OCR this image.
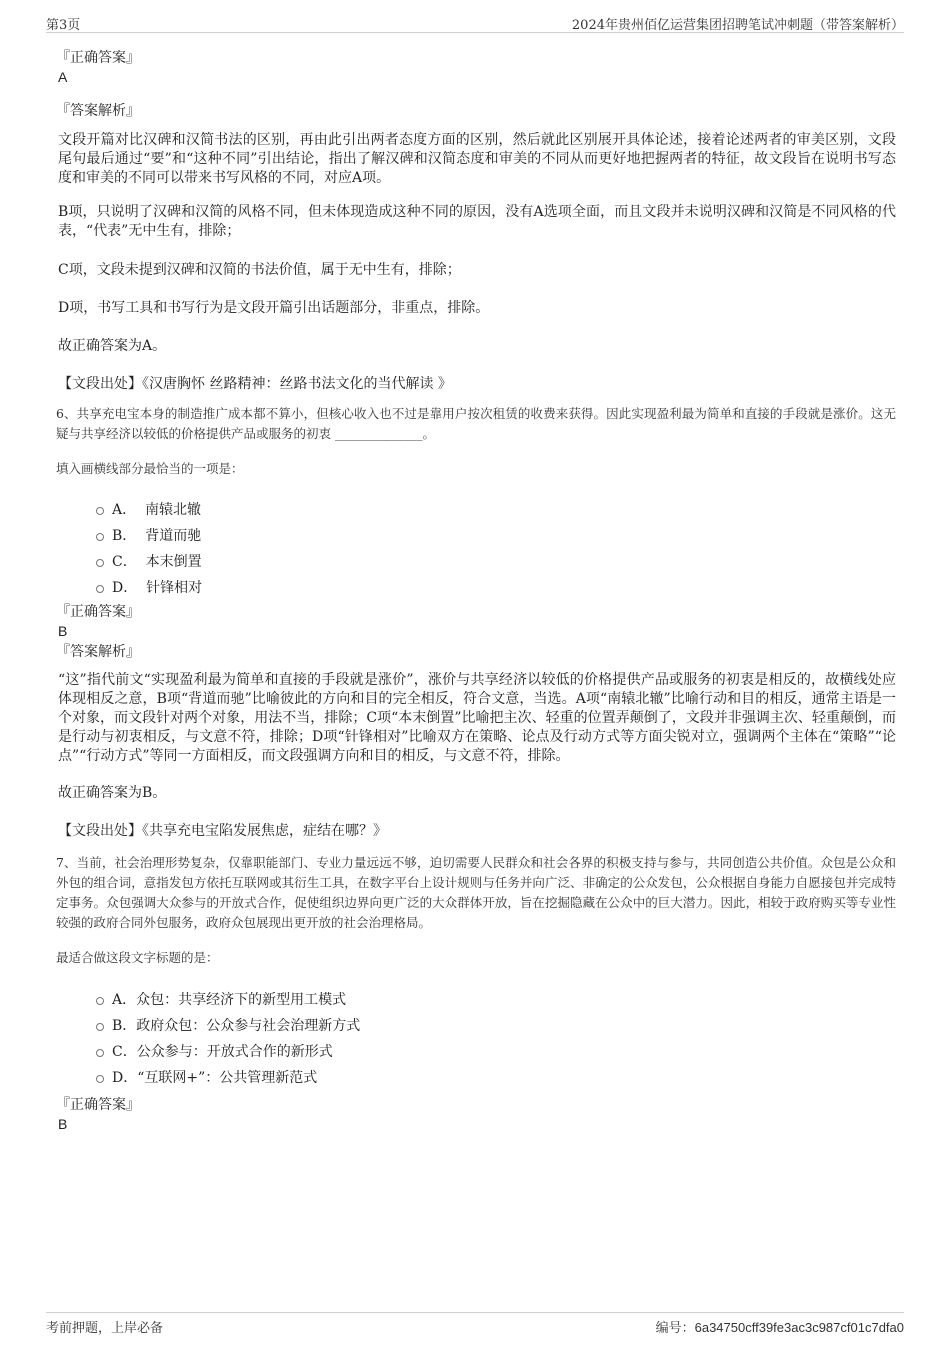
第3页	2024年贵州佰亿运营集团招聘笔试冲刺题（带答案解析）
『正确答案』
A
『答案解析』

文段开篇对比汉碑和汉简书法的区别，再由此引出两者态度方面的区别，然后就此区别展开具体论述，接着论述两者的审美区别，文段尾句最后通过“要”和“这种不同”引出结论，指出了解汉碑和汉简态度和审美的不同从而更好地把握两者的特征，故文段旨在说明书写态度和审美的不同可以带来书写风格的不同，对应A项。

B项，只说明了汉碑和汉简的风格不同，但未体现造成这种不同的原因，没有A选项全面，而且文段并未说明汉碑和汉简是不同风格的代表，“代表”无中生有，排除；

C项，文段未提到汉碑和汉简的书法价值，属于无中生有，排除；

D项，书写工具和书写行为是文段开篇引出话题部分，非重点，排除。

故正确答案为A。

【文段出处】《汉唐胸怀 丝路精神：丝路书法文化的当代解读 》

6、共享充电宝本身的制造推广成本都不算小，但核心收入也不过是靠用户按次租赁的收费来获得。因此实现盈利最为简单和直接的手段就是涨价。这无疑与共享经济以较低的价格提供产品或服务的初衷 ______________。

填入画横线部分最恰当的一项是：
A．  南辕北辙
B．  背道而驰
C．  本末倒置
D．  针锋相对
『正确答案』
B
『答案解析』

“这”指代前文“实现盈利最为简单和直接的手段就是涨价”，涨价与共享经济以较低的价格提供产品或服务的初衷是相反的，故横线处应体现相反之意，B项“背道而驰”比喻彼此的方向和目的完全相反，符合文意，当选。A项“南辕北辙”比喻行动和目的相反，通常主语是一个对象，而文段针对两个对象，用法不当，排除；C项“本末倒置”比喻把主次、轻重的位置弄颠倒了，文段并非强调主次、轻重颠倒，而是行动与初衷相反，与文意不符，排除；D项“针锋相对”比喻双方在策略、论点及行动方式等方面尖锐对立，强调两个主体在“策略”“论点”“行动方式”等同一方面相反，而文段强调方向和目的相反，与文意不符，排除。

故正确答案为B。

【文段出处】《共享充电宝陷发展焦虑，症结在哪？》

7、当前，社会治理形势复杂，仅靠职能部门、专业力量远远不够，迫切需要人民群众和社会各界的积极支持与参与，共同创造公共价值。众包是公众和外包的组合词，意指发包方依托互联网或其衍生工具，在数字平台上设计规则与任务并向广泛、非确定的公众发包，公众根据自身能力自愿接包并完成特定事务。众包强调大众参与的开放式合作，促使组织边界向更广泛的大众群体开放，旨在挖掘隐藏在公众中的巨大潜力。因此，相较于政府购买等专业性较强的政府合同外包服务，政府众包展现出更开放的社会治理格局。

最适合做这段文字标题的是：
A．众包：共享经济下的新型用工模式
B．政府众包：公众参与社会治理新方式
C．公众参与：开放式合作的新形式
D．“互联网+”：公共管理新范式
『正确答案』
B
考前押题，上岸必备	编号：6a34750cff39fe3ac3c987cf01c7dfa0
